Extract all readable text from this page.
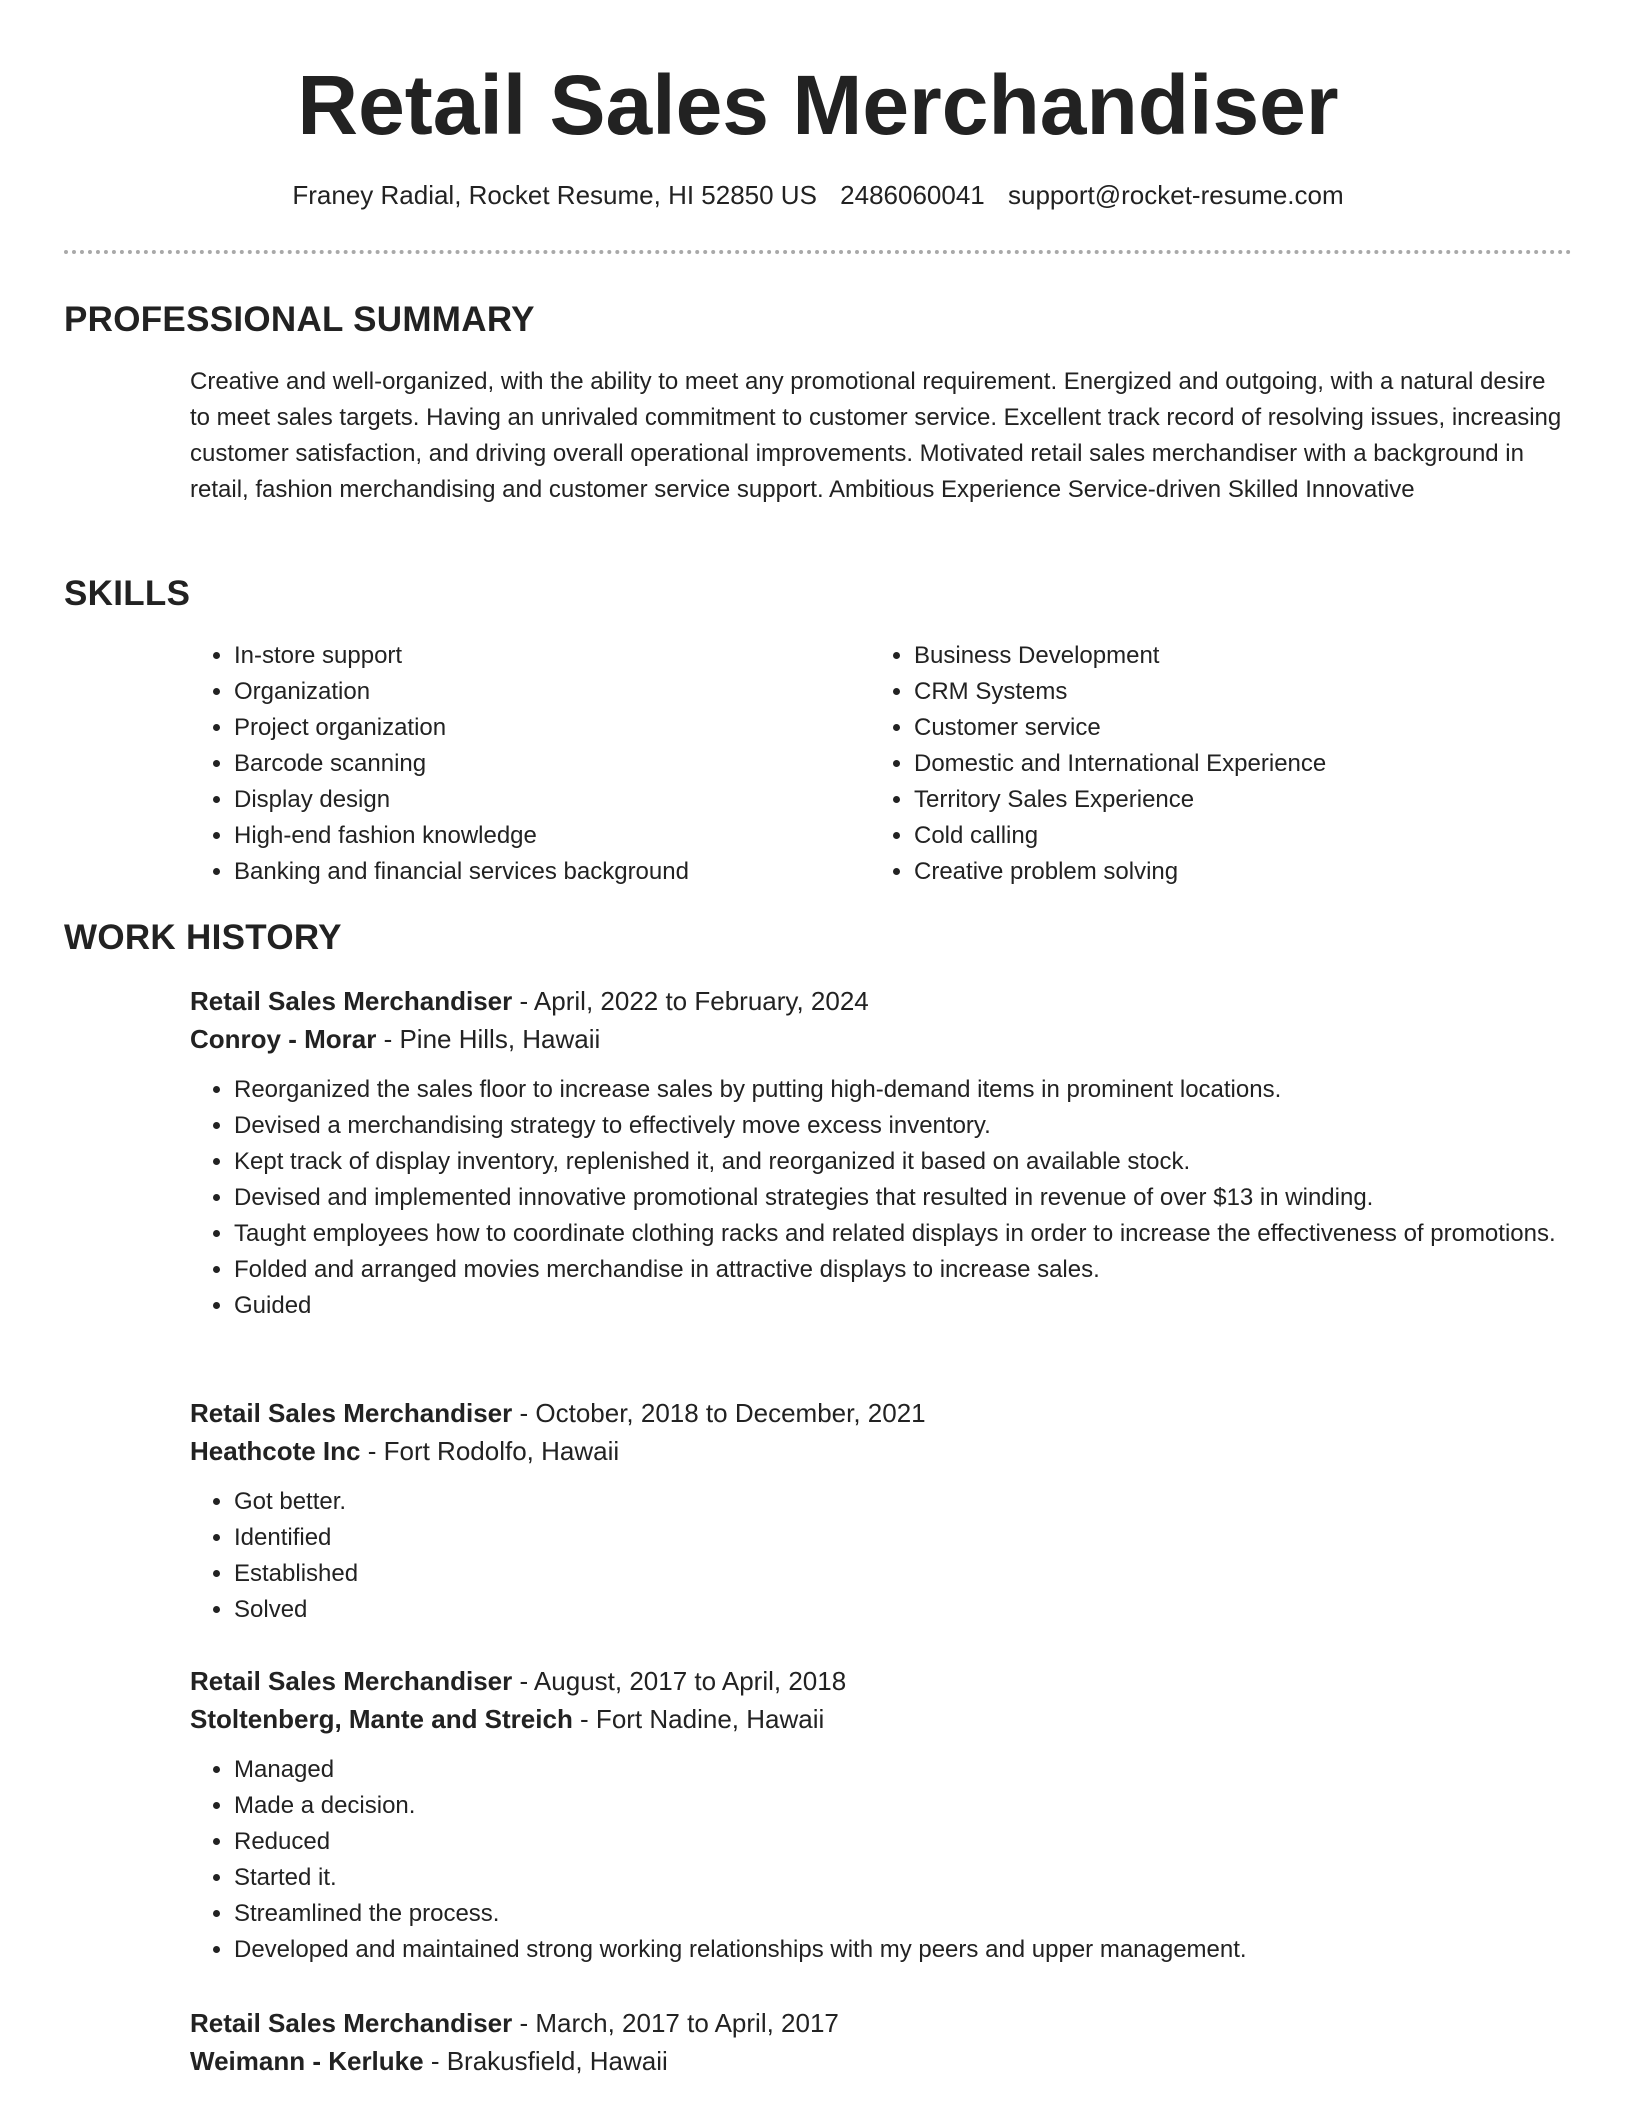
Retail Sales Merchandiser
Franey Radial, Rocket Resume, HI 52850 US 2486060041 support@rocket-resume.com
PROFESSIONAL SUMMARY

Creative and well-organized, with the ability to meet any promotional requirement. Energized and outgoing, with a natural desire to meet sales targets. Having an unrivaled commitment to customer service. Excellent track record of resolving issues, increasing customer satisfaction, and driving overall operational improvements. Motivated retail sales merchandiser with a background in retail, fashion merchandising and customer service support. Ambitious Experience Service-driven Skilled Innovative

SKILLS
• In-store support
• Organization
• Project organization
• Barcode scanning
• Display design
• High-end fashion knowledge
• Banking and financial services background
• Business Development
• CRM Systems
• Customer service
• Domestic and International Experience
• Territory Sales Experience
• Cold calling
• Creative problem solving
WORK HISTORY

Retail Sales Merchandiser - April, 2022 to February, 2024

Conroy - Morar - Pine Hills, Hawaii

• Reorganized the sales floor to increase sales by putting high-demand items in prominent locations.
• Devised a merchandising strategy to effectively move excess inventory.
• Kept track of display inventory, replenished it, and reorganized it based on available stock.
• Devised and implemented innovative promotional strategies that resulted in revenue of over $13 in winding.
• Taught employees how to coordinate clothing racks and related displays in order to increase the effectiveness of promotions.
• Folded and arranged movies merchandise in attractive displays to increase sales.
• Guided

Retail Sales Merchandiser - October, 2018 to December, 2021

Heathcote Inc - Fort Rodolfo, Hawaii

• Got better.
• Identified
• Established
• Solved

Retail Sales Merchandiser - August, 2017 to April, 2018

Stoltenberg, Mante and Streich - Fort Nadine, Hawaii

• Managed
• Made a decision.
• Reduced
• Started it.
• Streamlined the process.
• Developed and maintained strong working relationships with my peers and upper management.

Retail Sales Merchandiser - March, 2017 to April, 2017

Weimann - Kerluke - Brakusfield, Hawaii
